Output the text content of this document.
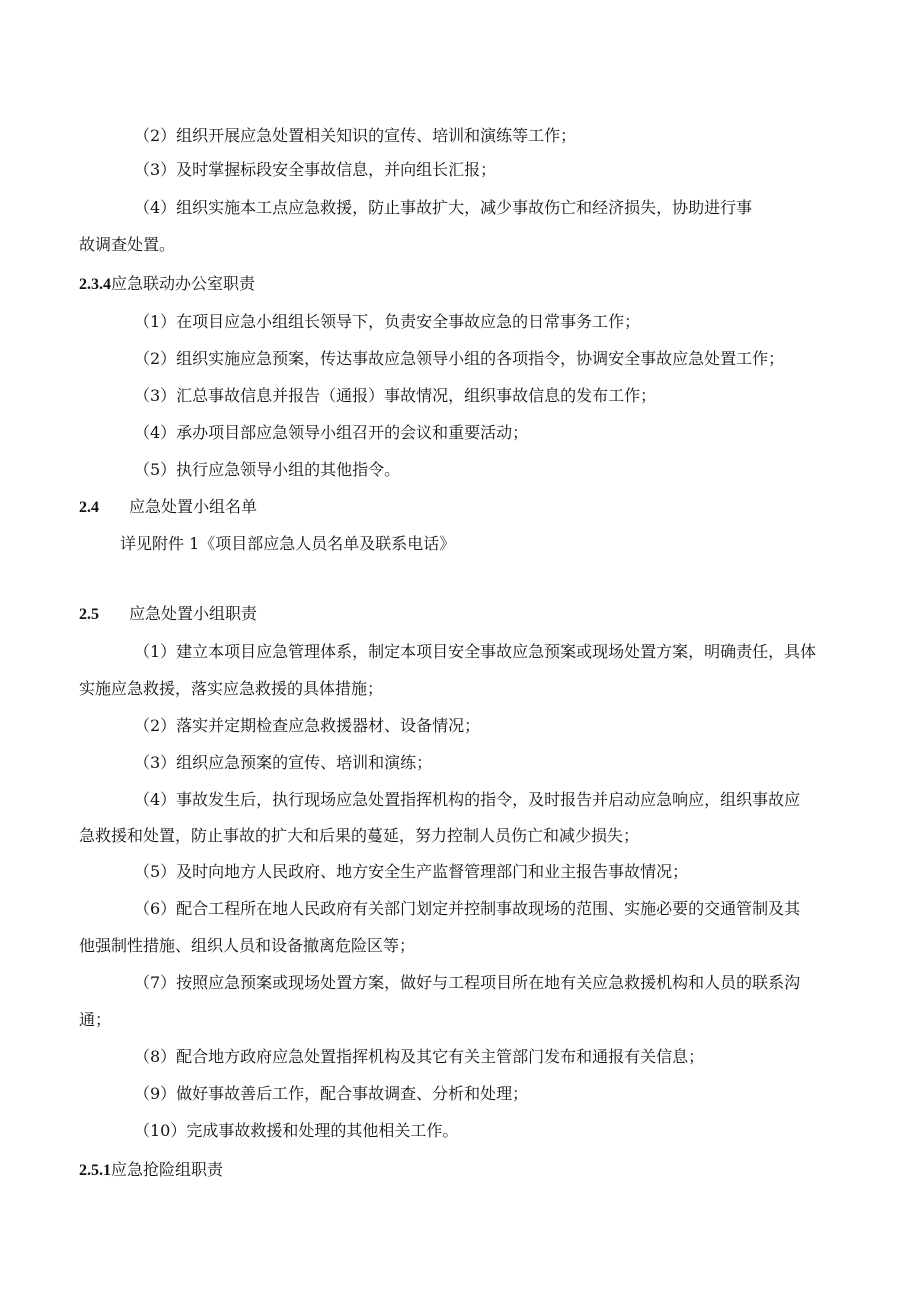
（2）组织开展应急处置相关知识的宣传、培训和演练等工作；
（3）及时掌握标段安全事故信息，并向组长汇报；
（4）组织实施本工点应急救援，防止事故扩大，减少事故伤亡和经济损失，协助进行事
故调查处置。
2.3.4应急联动办公室职责
（1）在项目应急小组组长领导下，负责安全事故应急的日常事务工作；
（2）组织实施应急预案，传达事故应急领导小组的各项指令，协调安全事故应急处置工作；
（3）汇总事故信息并报告（通报）事故情况，组织事故信息的发布工作；
（4）承办项目部应急领导小组召开的会议和重要活动；
（5）执行应急领导小组的其他指令。
2.4 应急处置小组名单
详见附件 1《项目部应急人员名单及联系电话》
2.5 应急处置小组职责
（1）建立本项目应急管理体系，制定本项目安全事故应急预案或现场处置方案，明确责任，具体
实施应急救援，落实应急救援的具体措施；
（2）落实并定期检查应急救援器材、设备情况；
（3）组织应急预案的宣传、培训和演练；
（4）事故发生后，执行现场应急处置指挥机构的指令，及时报告并启动应急响应，组织事故应
急救援和处置，防止事故的扩大和后果的蔓延，努力控制人员伤亡和减少损失；
（5）及时向地方人民政府、地方安全生产监督管理部门和业主报告事故情况；
（6）配合工程所在地人民政府有关部门划定并控制事故现场的范围、实施必要的交通管制及其
他强制性措施、组织人员和设备撤离危险区等；
（7）按照应急预案或现场处置方案，做好与工程项目所在地有关应急救援机构和人员的联系沟
通；
（8）配合地方政府应急处置指挥机构及其它有关主管部门发布和通报有关信息；
（9）做好事故善后工作，配合事故调查、分析和处理；
（10）完成事故救援和处理的其他相关工作。
2.5.1应急抢险组职责
